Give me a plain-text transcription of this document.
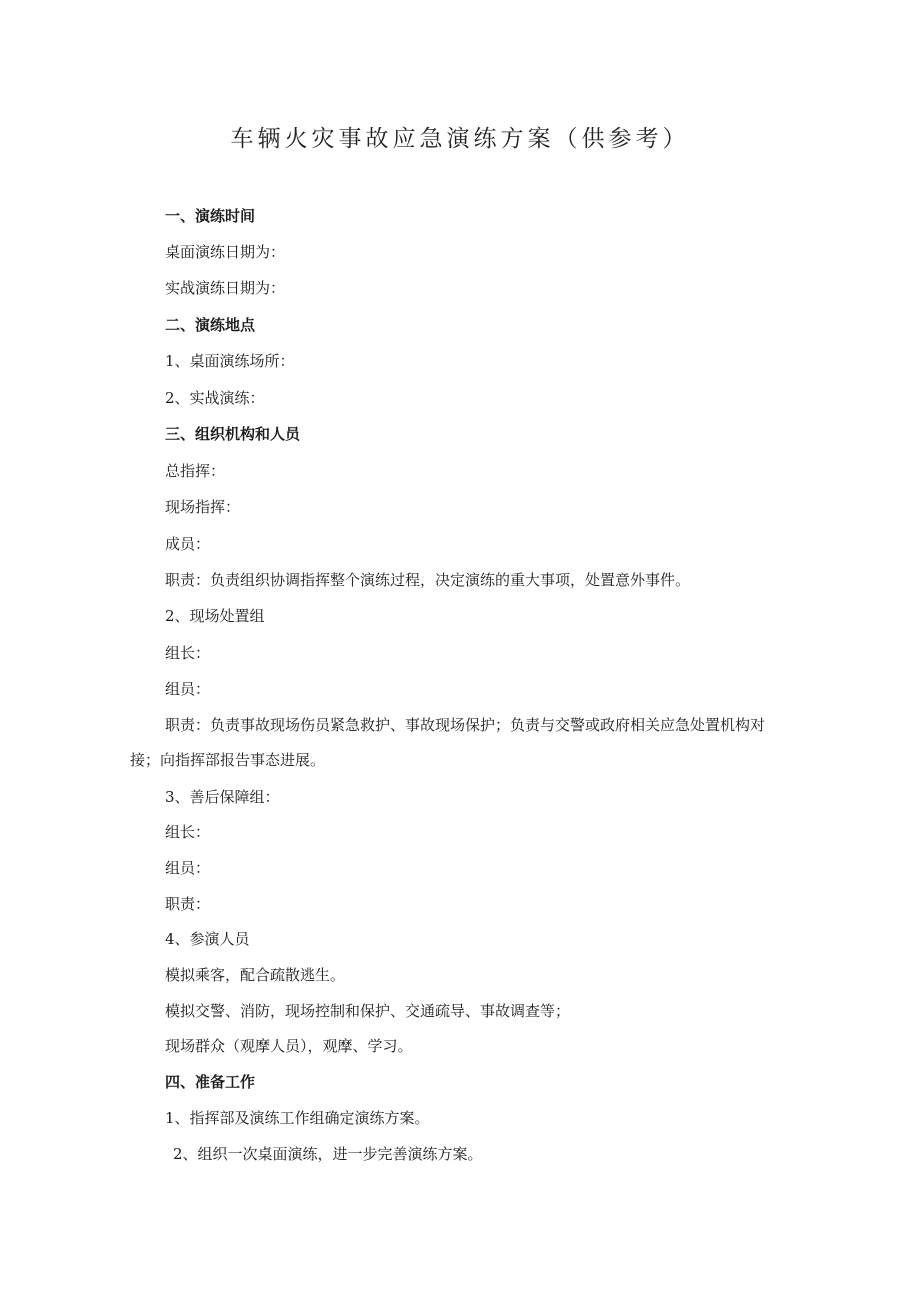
车辆火灾事故应急演练方案（供参考）
一、演练时间
桌面演练日期为：
实战演练日期为：
二、演练地点
1、桌面演练场所：
2、实战演练：
三、组织机构和人员
总指挥：
现场指挥：
成员：
职责：负责组织协调指挥整个演练过程，决定演练的重大事项，处置意外事件。
2、现场处置组
组长：
组员：
职责：负责事故现场伤员紧急救护、事故现场保护；负责与交警或政府相关应急处置机构对
接；向指挥部报告事态进展。
3、善后保障组：
组长：
组员：
职责：
4、参演人员
模拟乘客，配合疏散逃生。
模拟交警、消防，现场控制和保护、交通疏导、事故调查等；
现场群众（观摩人员），观摩、学习。
四、准备工作
1、指挥部及演练工作组确定演练方案。
2、组织一次桌面演练，进一步完善演练方案。
